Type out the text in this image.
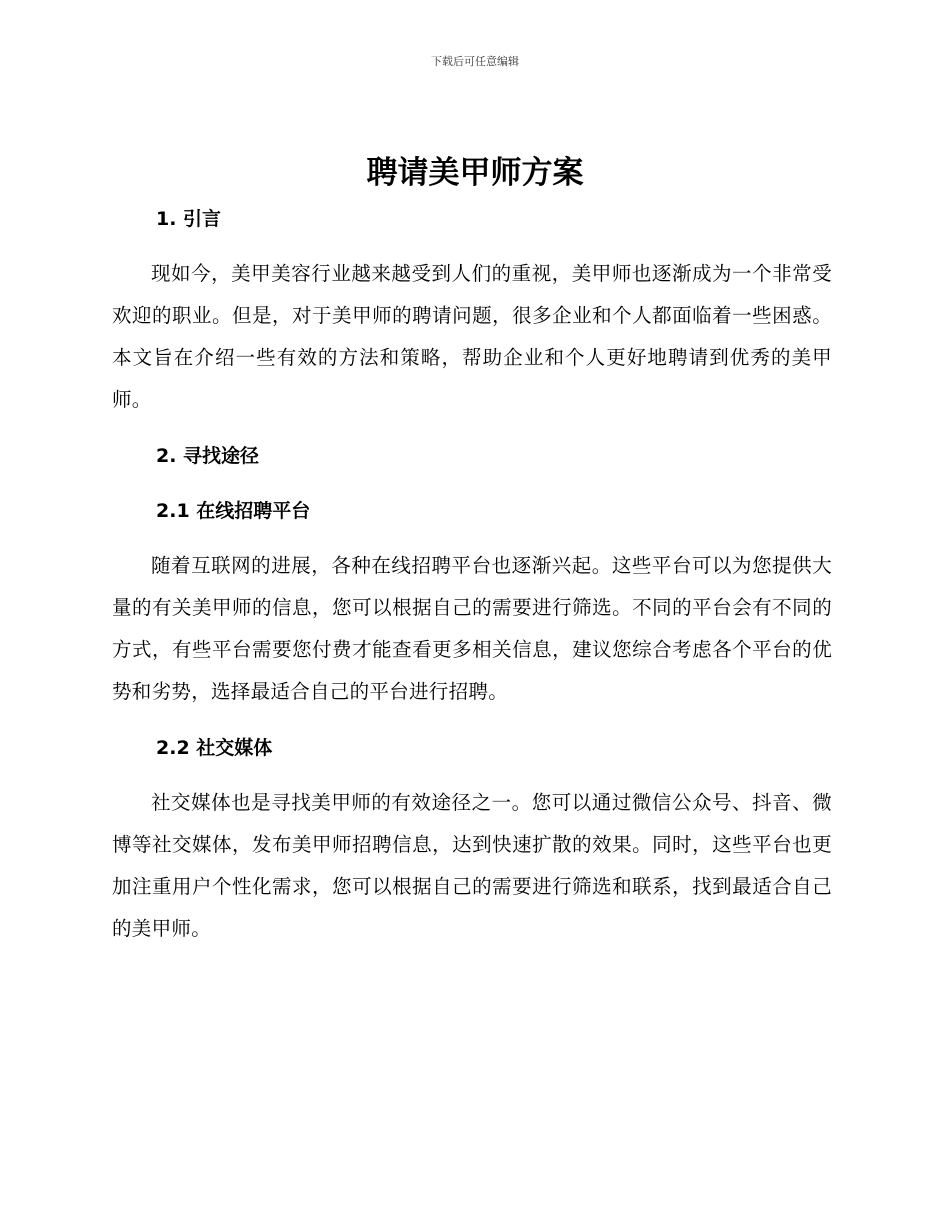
下载后可任意编辑
聘请美甲师方案
1. 引言

现如今，美甲美容行业越来越受到人们的重视，美甲师也逐渐成为一个非常受欢迎的职业。但是，对于美甲师的聘请问题，很多企业和个人都面临着一些困惑。本文旨在介绍一些有效的方法和策略，帮助企业和个人更好地聘请到优秀的美甲师。

2. 寻找途径
2.1 在线招聘平台

随着互联网的进展，各种在线招聘平台也逐渐兴起。这些平台可以为您提供大量的有关美甲师的信息，您可以根据自己的需要进行筛选。不同的平台会有不同的方式，有些平台需要您付费才能查看更多相关信息，建议您综合考虑各个平台的优势和劣势，选择最适合自己的平台进行招聘。

2.2 社交媒体

社交媒体也是寻找美甲师的有效途径之一。您可以通过微信公众号、抖音、微博等社交媒体，发布美甲师招聘信息，达到快速扩散的效果。同时，这些平台也更加注重用户个性化需求，您可以根据自己的需要进行筛选和联系，找到最适合自己的美甲师。
